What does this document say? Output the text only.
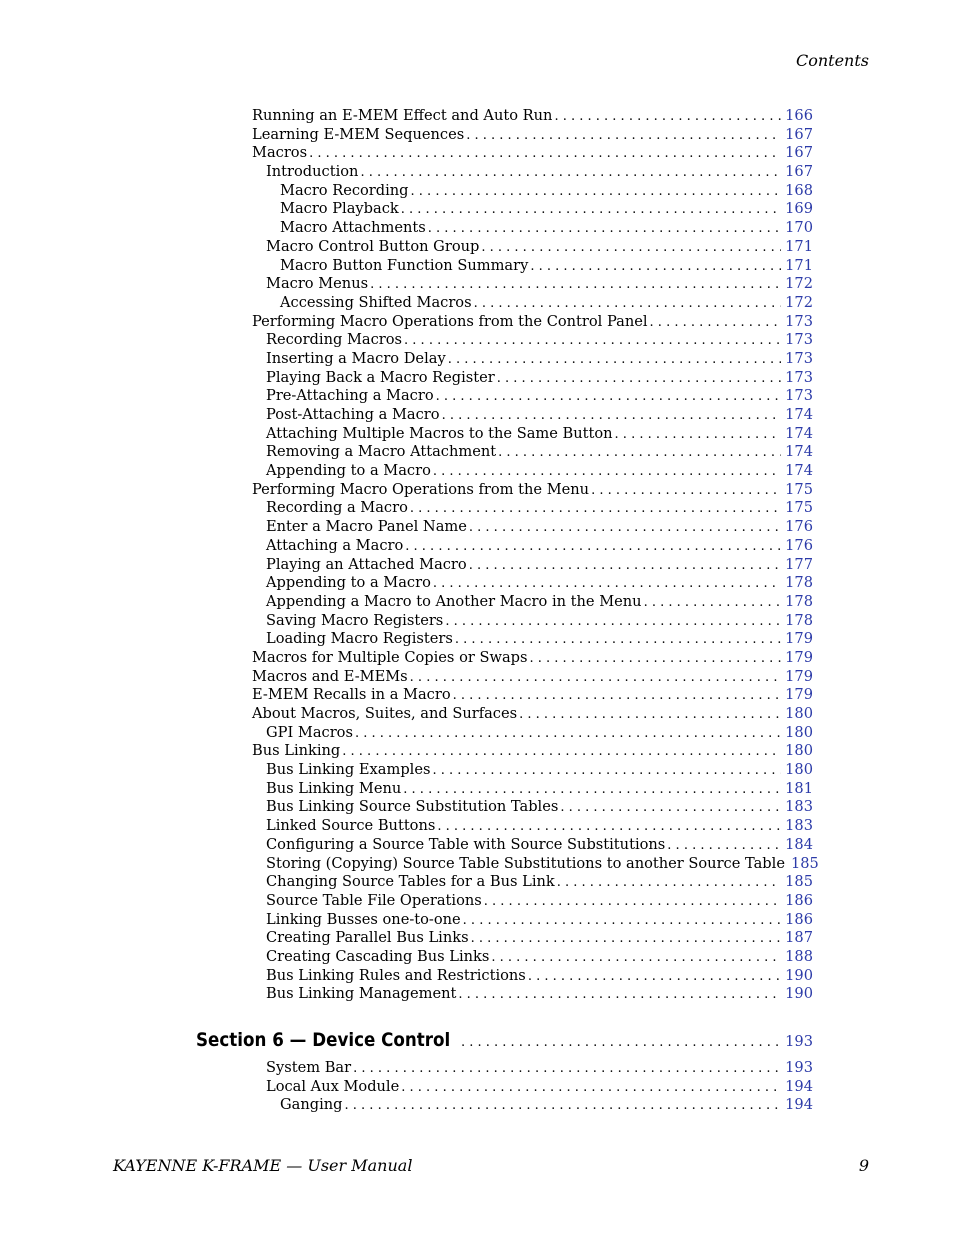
Contents
Running an E-MEM Effect and Auto Run . . .	166
Learning E-MEM Sequences . . .	167
Macros . . .	167
Introduction . . .	167
Macro Recording . . .	168
Macro Playback . . .	169
Macro Attachments . . .	170
Macro Control Button Group . . .	171
Macro Button Function Summary . . .	171
Macro Menus . . .	172
Accessing Shifted Macros . . .	172
Performing Macro Operations from the Control Panel . . .	173
Recording Macros . . .	173
Inserting a Macro Delay . . .	173
Playing Back a Macro Register . . .	173
Pre-Attaching a Macro . . .	173
Post-Attaching a Macro . . .	174
Attaching Multiple Macros to the Same Button . . .	174
Removing a Macro Attachment . . .	174
Appending to a Macro . . .	174
Performing Macro Operations from the Menu . . .	175
Recording a Macro . . .	175
Enter a Macro Panel Name . . .	176
Attaching a Macro . . .	176
Playing an Attached Macro . . .	177
Appending to a Macro . . .	178
Appending a Macro to Another Macro in the Menu . . .	178
Saving Macro Registers . . .	178
Loading Macro Registers . . .	179
Macros for Multiple Copies or Swaps . . .	179
Macros and E-MEMs . . .	179
E-MEM Recalls in a Macro . . .	179
About Macros, Suites, and Surfaces . . .	180
GPI Macros . . .	180
Bus Linking . . .	180
Bus Linking Examples . . .	180
Bus Linking Menu . . .	181
Bus Linking Source Substitution Tables . . .	183
Linked Source Buttons . . .	183
Configuring a Source Table with Source Substitutions . . .	184
Storing (Copying) Source Table Substitutions to another Source Table 185
Changing Source Tables for a Bus Link . . .	185
Source Table File Operations . . .	186
Linking Busses one-to-one . . .	186
Creating Parallel Bus Links . . .	187
Creating Cascading Bus Links . . .	188
Bus Linking Rules and Restrictions . . .	190
Bus Linking Management . . .	190
Section 6 — Device Control . . .	193
System Bar . . .	193
Local Aux Module . . .	194
Ganging . . .	194
KAYENNE K-FRAME — User Manual	9
